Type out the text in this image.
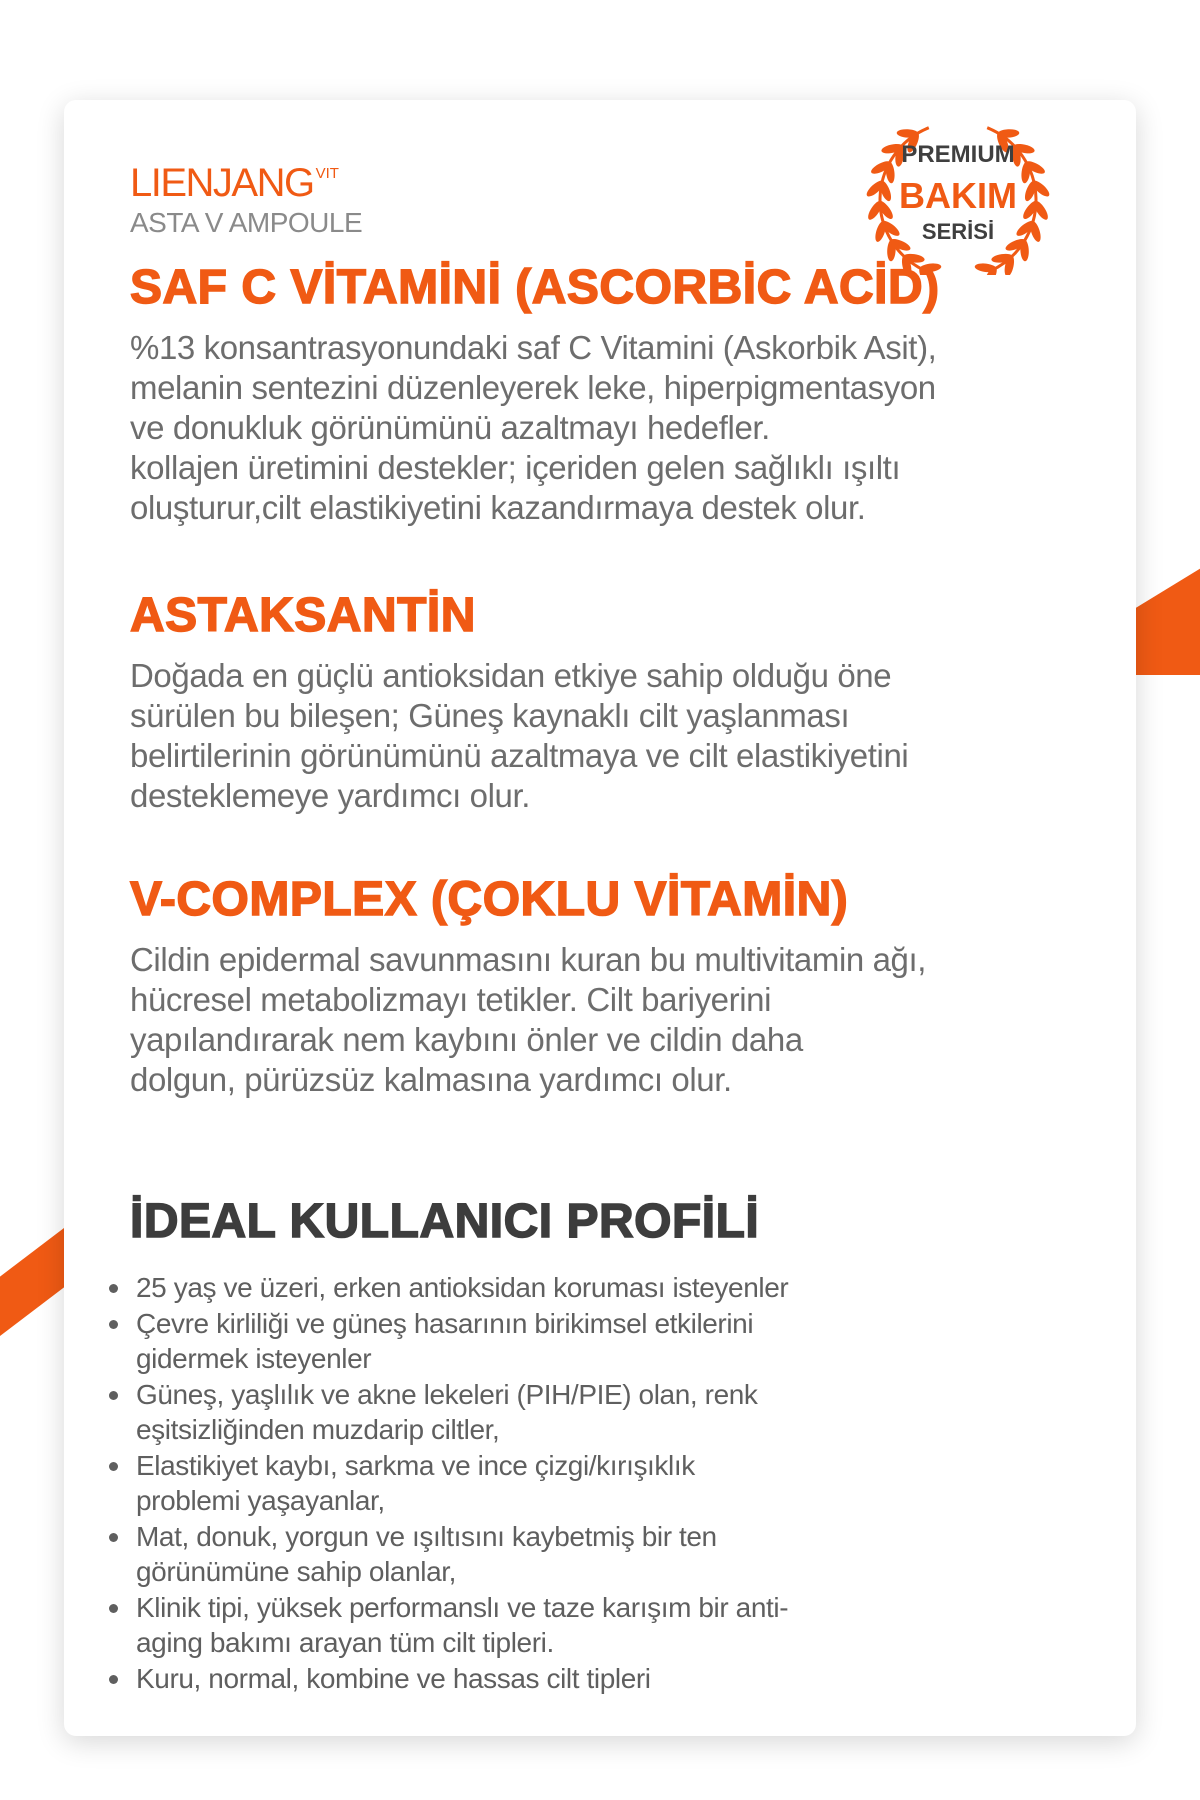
LIENJANG $^{VIT}$
ASTA V AMPOULE
PREMIUM
BAKIM
SERİSİ
SAF C VİTAMİNİ (ASCORBİC ACİD)
%13 konsantrasyonundaki saf C Vitamini (Askorbik Asit),
melanin sentezini düzenleyerek leke, hiperpigmentasyon
ve donukluk görünümünü azaltmayı hedefler.
kollajen üretimini destekler; içeriden gelen sağlıklı ışıltı
oluşturur,cilt elastikiyetini kazandırmaya destek olur.
ASTAKSANTİN
Doğada en güçlü antioksidan etkiye sahip olduğu öne
sürülen bu bileşen; Güneş kaynaklı cilt yaşlanması
belirtilerinin görünümünü azaltmaya ve cilt elastikiyetini
desteklemeye yardımcı olur.
V-COMPLEX (ÇOKLU VİTAMİN)
Cildin epidermal savunmasını kuran bu multivitamin ağı,
hücresel metabolizmayı tetikler. Cilt bariyerini
yapılandırarak nem kaybını önler ve cildin daha
dolgun, pürüzsüz kalmasına yardımcı olur.
İDEAL KULLANICI PROFİLİ
25 yaş ve üzeri, erken antioksidan koruması isteyenler
Çevre kirliliği ve güneş hasarının birikimsel etkilerini
gidermek isteyenler
Güneş, yaşlılık ve akne lekeleri (PIH/PIE) olan, renk
eşitsizliğinden muzdarip ciltler,
Elastikiyet kaybı, sarkma ve ince çizgi/kırışıklık
problemi yaşayanlar,
Mat, donuk, yorgun ve ışıltısını kaybetmiş bir ten
görünümüne sahip olanlar,
Klinik tipi, yüksek performanslı ve taze karışım bir anti-
aging bakımı arayan tüm cilt tipleri.
Kuru, normal, kombine ve hassas cilt tipleri
